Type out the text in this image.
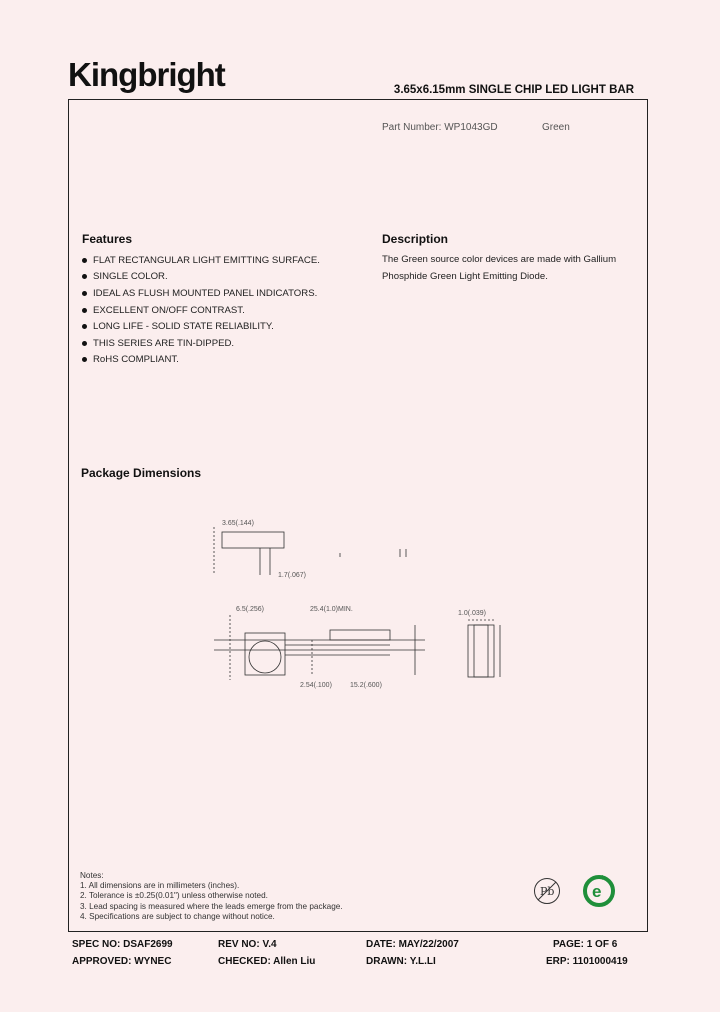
Kingbright	3.65x6.15mm SINGLE CHIP LED LIGHT BAR
Part Number: WP1043GD	Green
Features
FLAT RECTANGULAR LIGHT EMITTING SURFACE.
SINGLE COLOR.
IDEAL AS FLUSH MOUNTED PANEL INDICATORS.
EXCELLENT ON/OFF CONTRAST.
LONG LIFE - SOLID STATE RELIABILITY.
THIS SERIES ARE TIN-DIPPED.
RoHS COMPLIANT.
Description
The Green source color devices are made with Gallium Phosphide Green Light Emitting Diode.
Package Dimensions
3.65(.144)
1.7(.067)
6.5(.256)	25.4(1.0)MIN.
15.2(.600)
2.54(.100)
1.0(.039)
Notes:
1. All dimensions are in millimeters (inches).
2. Tolerance is ±0.25(0.01") unless otherwise noted.
3. Lead spacing is measured where the leads emerge from the package.
4. Specifications are subject to change without notice.
Pb e
SPEC NO: DSAF2699	REV NO: V.4	DATE: MAY/22/2007	PAGE: 1 OF 6
APPROVED: WYNEC	CHECKED: Allen Liu	DRAWN: Y.L.LI	ERP: 1101000419
